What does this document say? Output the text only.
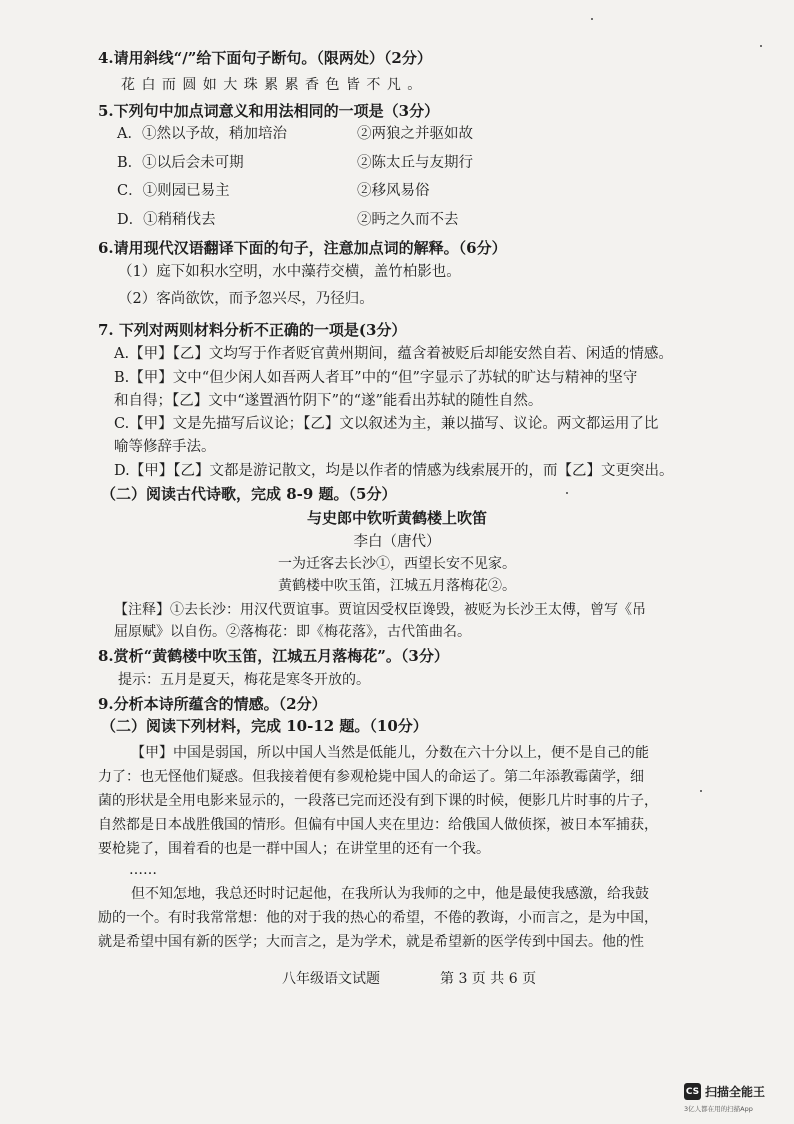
4.请用斜线“/”给下面句子断句。（限两处）（2分）
花 白 而 圆 如 大 珠 累 累 香 色 皆 不 凡 。
5.下列句中加点词意义和用法相同的一项是（3分）
A．①然以予故，稍加培治	②两狼之并驱如故
B．①以后会未可期	②陈太丘与友期行
C．①则园已易主	②移风易俗
D．①稍稍伐去	②眄之久而不去
6.请用现代汉语翻译下面的句子，注意加点词的解释。（6分）
（1）庭下如积水空明，水中藻荇交横，盖竹柏影也。
（2）客尚欲饮，而予忽兴尽，乃径归。
7. 下列对两则材料分析不正确的一项是(3分）
A.【甲】【乙】文均写于作者贬官黄州期间，蕴含着被贬后却能安然自若、闲适的情感。
B.【甲】文中“但少闲人如吾两人者耳”中的“但”字显示了苏轼的旷达与精神的坚守
和自得；【乙】文中“遂置酒竹阴下”的“遂”能看出苏轼的随性自然。
C.【甲】文是先描写后议论；【乙】文以叙述为主，兼以描写、议论。两文都运用了比
喻等修辞手法。
D.【甲】【乙】文都是游记散文，均是以作者的情感为线索展开的，而【乙】文更突出。
（二）阅读古代诗歌，完成 8-9 题。（5分）
与史郎中钦听黄鹤楼上吹笛
李白（唐代）
一为迁客去长沙①，西望长安不见家。
黄鹤楼中吹玉笛，江城五月落梅花②。
【注释】①去长沙：用汉代贾谊事。贾谊因受权臣谗毁，被贬为长沙王太傅，曾写《吊
屈原赋》以自伤。②落梅花：即《梅花落》，古代笛曲名。
8.赏析“黄鹤楼中吹玉笛，江城五月落梅花”。（3分）
提示：五月是夏天，梅花是寒冬开放的。
9.分析本诗所蕴含的情感。（2分）
（二）阅读下列材料，完成 10-12 题。（10分）
【甲】中国是弱国，所以中国人当然是低能儿，分数在六十分以上，便不是自己的能
力了：也无怪他们疑惑。但我接着便有参观枪毙中国人的命运了。第二年添教霉菌学，细
菌的形状是全用电影来显示的，一段落已完而还没有到下课的时候，便影几片时事的片子，
自然都是日本战胜俄国的情形。但偏有中国人夹在里边：给俄国人做侦探，被日本军捕获，
要枪毙了，围着看的也是一群中国人；在讲堂里的还有一个我。
……
但不知怎地，我总还时时记起他，在我所认为我师的之中，他是最使我感激，给我鼓
励的一个。有时我常常想：他的对于我的热心的希望，不倦的教诲，小而言之，是为中国，
就是希望中国有新的医学；大而言之，是为学术，就是希望新的医学传到中国去。他的性
八年级语文试题	第 3 页 共 6 页
CS 扫描全能王
3亿人都在用的扫描App
